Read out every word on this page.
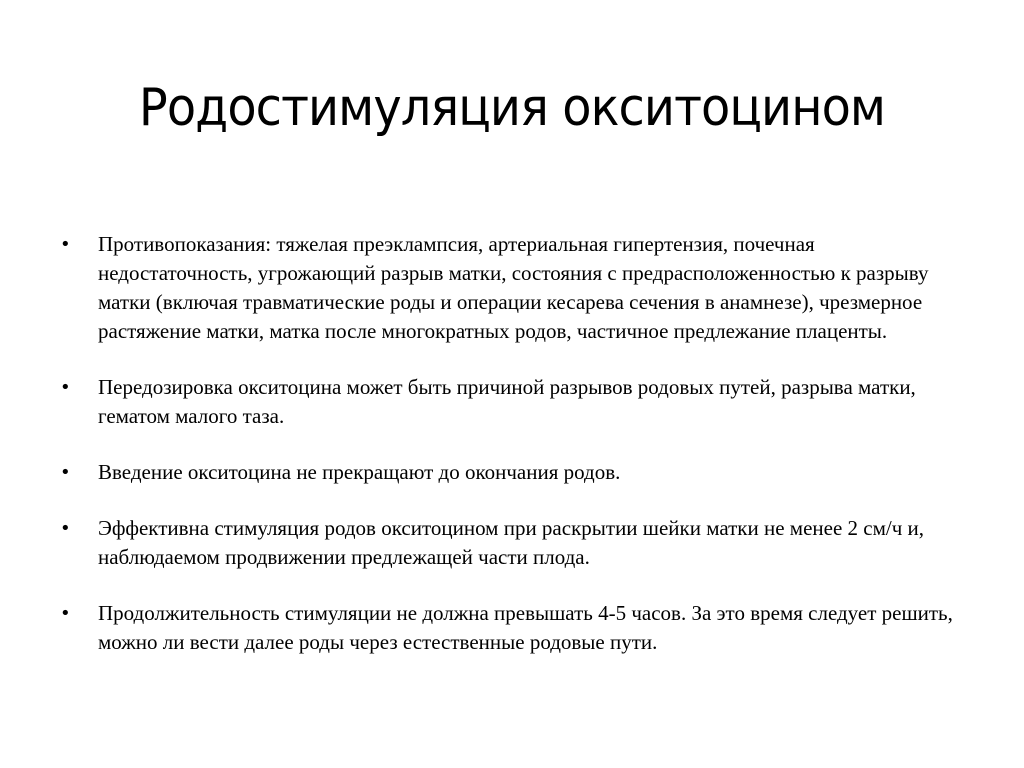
Родостимуляция окситоцином
• Противопоказания: тяжелая преэклампсия, артериальная гипертензия, почечная недостаточность, угрожающий разрыв матки, состояния с предрасположенностью к разрыву матки (включая травматические роды и операции кесарева сечения в анамнезе), чрезмерное растяжение матки, матка после многократных родов, частичное предлежание плаценты.
• Передозировка окситоцина может быть причиной разрывов родовых путей, разрыва матки, гематом малого таза.
• Введение окситоцина не прекращают до окончания родов.
• Эффективна стимуляция родов окситоцином при раскрытии шейки матки не менее 2 см/ч и, наблюдаемом продвижении предлежащей части плода.
• Продолжительность стимуляции не должна превышать 4-5 часов. За это время следует решить, можно ли вести далее роды через естественные родовые пути.
